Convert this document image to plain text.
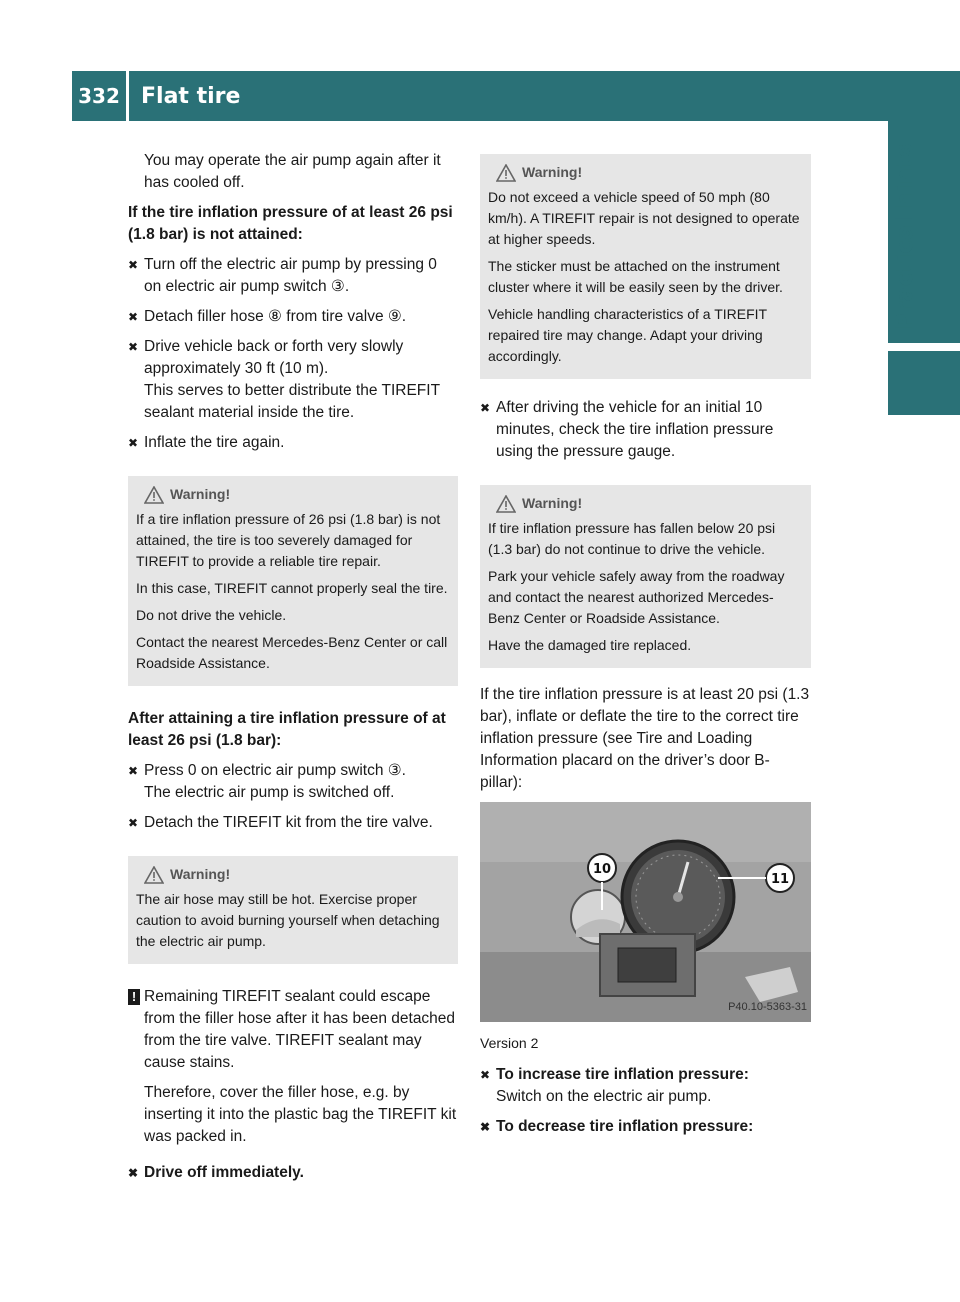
332 Flat tire
Practical hints

You may operate the air pump again after it has cooled off.

If the tire inflation pressure of at least 26 psi (1.8 bar) is not attained:

✖ Turn off the electric air pump by pressing 0 on electric air pump switch ③.
✖ Detach filler hose ⑧ from tire valve ⑨.
✖ Drive vehicle back or forth very slowly approximately 30 ft (10 m).
This serves to better distribute the TIREFIT sealant material inside the tire.
✖ Inflate the tire again.
Warning!

If a tire inflation pressure of 26 psi (1.8 bar) is not attained, the tire is too severely damaged for TIREFIT to provide a reliable tire repair.

In this case, TIREFIT cannot properly seal the tire.

Do not drive the vehicle.

Contact the nearest Mercedes-Benz Center or call Roadside Assistance.

After attaining a tire inflation pressure of at least 26 psi (1.8 bar):

✖ Press 0 on electric air pump switch ③.
The electric air pump is switched off.
✖ Detach the TIREFIT kit from the tire valve.
Warning!

The air hose may still be hot. Exercise proper caution to avoid burning yourself when detaching the electric air pump.

! Remaining TIREFIT sealant could escape from the filler hose after it has been detached from the tire valve. TIREFIT sealant may cause stains.

Therefore, cover the filler hose, e.g. by inserting it into the plastic bag the TIREFIT kit was packed in.

✖ Drive off immediately.
Warning!

Do not exceed a vehicle speed of 50 mph (80 km/h). A TIREFIT repair is not designed to operate at higher speeds.

The sticker must be attached on the instrument cluster where it will be easily seen by the driver.

Vehicle handling characteristics of a TIREFIT repaired tire may change. Adapt your driving accordingly.

✖ After driving the vehicle for an initial 10 minutes, check the tire inflation pressure using the pressure gauge.
Warning!

If tire inflation pressure has fallen below 20 psi (1.3 bar) do not continue to drive the vehicle.

Park your vehicle safely away from the roadway and contact the nearest authorized Mercedes-Benz Center or Roadside Assistance.

Have the damaged tire replaced.

If the tire inflation pressure is at least 20 psi (1.3 bar), inflate or deflate the tire to the correct tire inflation pressure (see Tire and Loading Information placard on the driver’s door B-pillar):

10
11
P40.10-5363-31
Version 2
✖ To increase tire inflation pressure:
Switch on the electric air pump.
✖ To decrease tire inflation pressure:
